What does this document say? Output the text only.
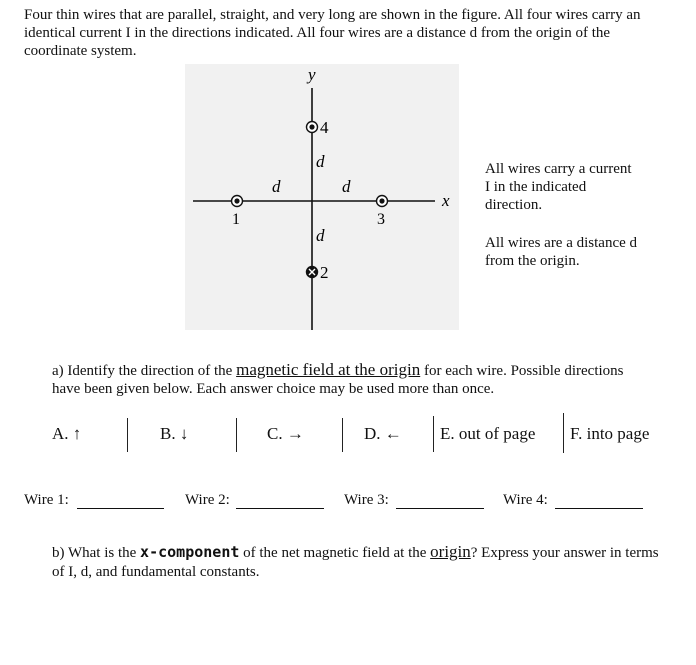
Four thin wires that are parallel, straight, and very long are shown in the figure. All four wires carry an identical current I in the directions indicated. All four wires are a distance d from the origin of the coordinate system.
y
x
d
d	d
d
4
1	3
2
All wires carry a current I in the indicated direction.
All wires are a distance d from the origin.
a) Identify the direction of the magnetic field at the origin for each wire. Possible directions have been given below. Each answer choice may be used more than once.
A. ↑	B. ↓	C. →	D. ← E. out of page F. into page
Wire 1:	Wire 2:	Wire 3:	Wire 4:
b) What is the x-component of the net magnetic field at the origin? Express your answer in terms of I, d, and fundamental constants.
